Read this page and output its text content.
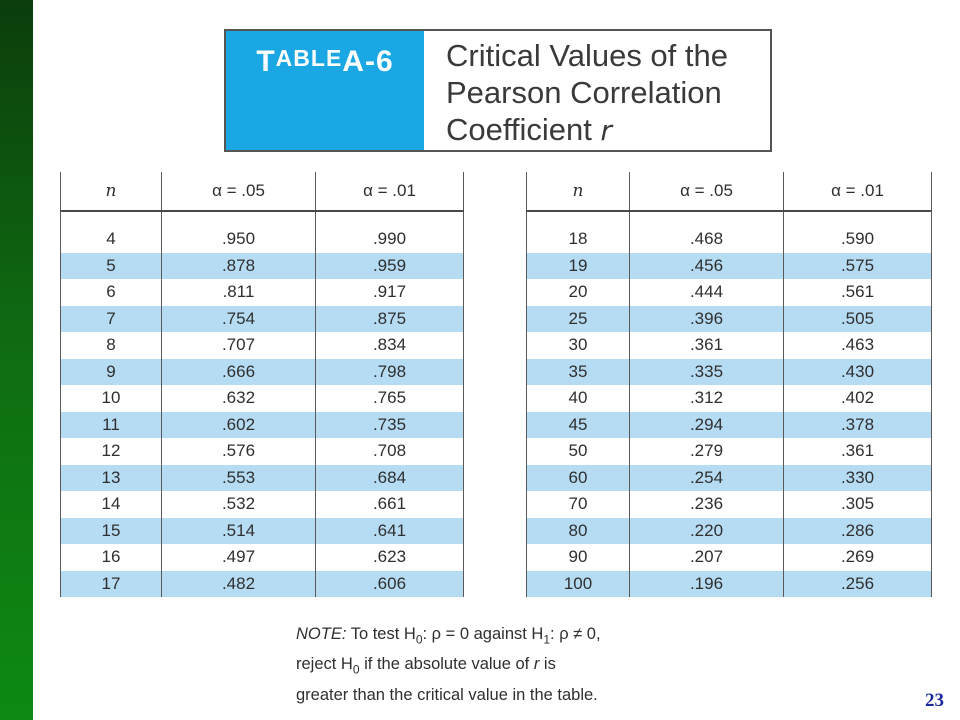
T ABLE A-6 Critical Values of the
Pearson Correlation
Coefficient r
n	α = .05	α = .01

4	.950	.990
5	.878	.959
6	.811	.917
7	.754	.875
8	.707	.834
9	.666	.798
10	.632	.765
11	.602	.735
12	.576	.708
13	.553	.684
14	.532	.661
15	.514	.641
16	.497	.623
17	.482	.606
n	α = .05	α = .01

18	.468	.590
19	.456	.575
20	.444	.561
25	.396	.505
30	.361	.463
35	.335	.430
40	.312	.402
45	.294	.378
50	.279	.361
60	.254	.330
70	.236	.305
80	.220	.286
90	.207	.269
100	.196	.256
NOTE: To test $H_0$: ρ = 0 against $H_1$: ρ ≠ 0,
reject $H_0$ if the absolute value of r is
greater than the critical value in the table.	23
